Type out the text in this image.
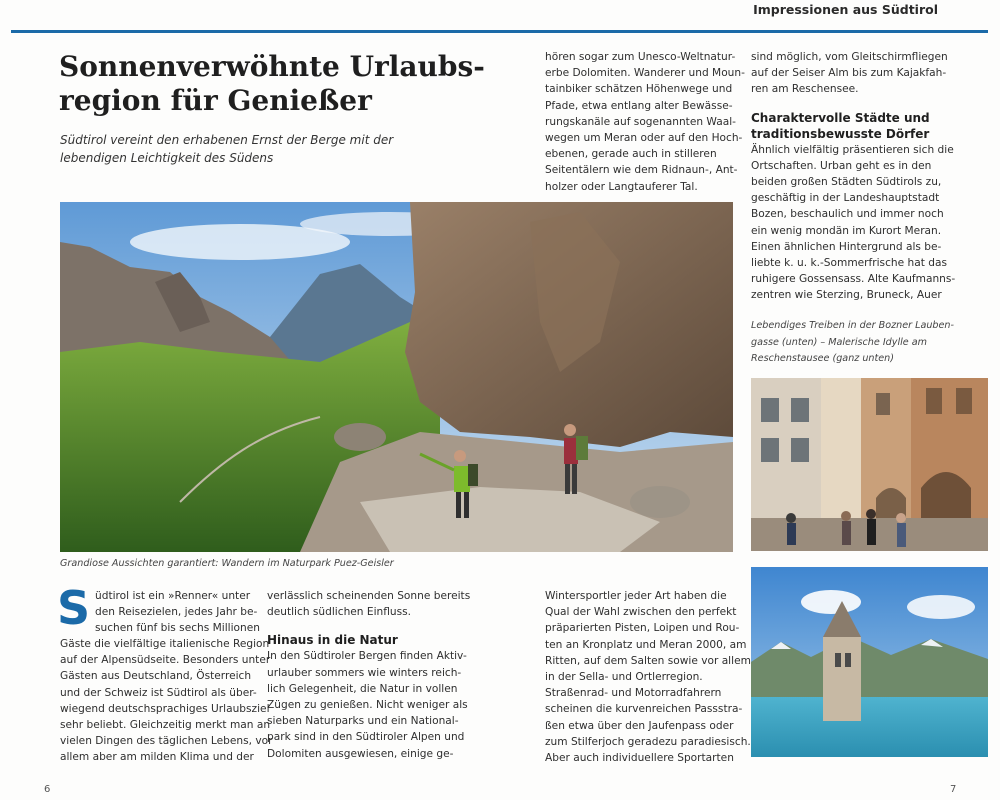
Impressionen aus Südtirol
Sonnenverwöhnte Urlaubs-
region für Genießer
Südtirol vereint den erhabenen Ernst der Berge mit der
lebendigen Leichtigkeit des Südens
Grandiose Aussichten garantiert: Wandern im Naturpark Puez-Geisler
S üdtirol ist ein »Renner« unter
den Reisezielen, jedes Jahr be-
suchen fünf bis sechs Millionen
Gäste die vielfältige italienische Region
auf der Alpensüdseite. Besonders unter
Gästen aus Deutschland, Österreich
und der Schweiz ist Südtirol als über-
wiegend deutschsprachiges Urlaubsziel
sehr beliebt. Gleichzeitig merkt man an
vielen Dingen des täglichen Lebens, vor
allem aber am milden Klima und der
verlässlich scheinenden Sonne bereits
deutlich südlichen Einfluss.
Hinaus in die Natur
In den Südtiroler Bergen finden Aktiv-
urlauber sommers wie winters reich-
lich Gelegenheit, die Natur in vollen
Zügen zu genießen. Nicht weniger als
sieben Naturparks und ein National-
park sind in den Südtiroler Alpen und
Dolomiten ausgewiesen, einige ge-
hören sogar zum Unesco-Weltnatur-
erbe Dolomiten. Wanderer und Moun-
tainbiker schätzen Höhenwege und
Pfade, etwa entlang alter Bewässe-
rungskanäle auf sogenannten Waal-
wegen um Meran oder auf den Hoch-
ebenen, gerade auch in stilleren
Seitentälern wie dem Ridnaun-, Ant-
holzer oder Langtauferer Tal.
Wintersportler jeder Art haben die
Qual der Wahl zwischen den perfekt
präparierten Pisten, Loipen und Rou-
ten an Kronplatz und Meran 2000, am
Ritten, auf dem Salten sowie vor allem
in der Sella- und Ortlerregion.
Straßenrad- und Motorradfahrern
scheinen die kurvenreichen Passstra-
ßen etwa über den Jaufenpass oder
zum Stilferjoch geradezu paradiesisch.
Aber auch individuellere Sportarten
sind möglich, vom Gleitschirmfliegen
auf der Seiser Alm bis zum Kajakfah-
ren am Reschensee.
Charaktervolle Städte und
traditionsbewusste Dörfer
Ähnlich vielfältig präsentieren sich die
Ortschaften. Urban geht es in den
beiden großen Städten Südtirols zu,
geschäftig in der Landeshauptstadt
Bozen, beschaulich und immer noch
ein wenig mondän im Kurort Meran.
Einen ähnlichen Hintergrund als be-
liebte k. u. k.-Sommerfrische hat das
ruhigere Gossensass. Alte Kaufmanns-
zentren wie Sterzing, Bruneck, Auer
Lebendiges Treiben in der Bozner Lauben-
gasse (unten) – Malerische Idylle am
Reschenstausee (ganz unten)
6	7
